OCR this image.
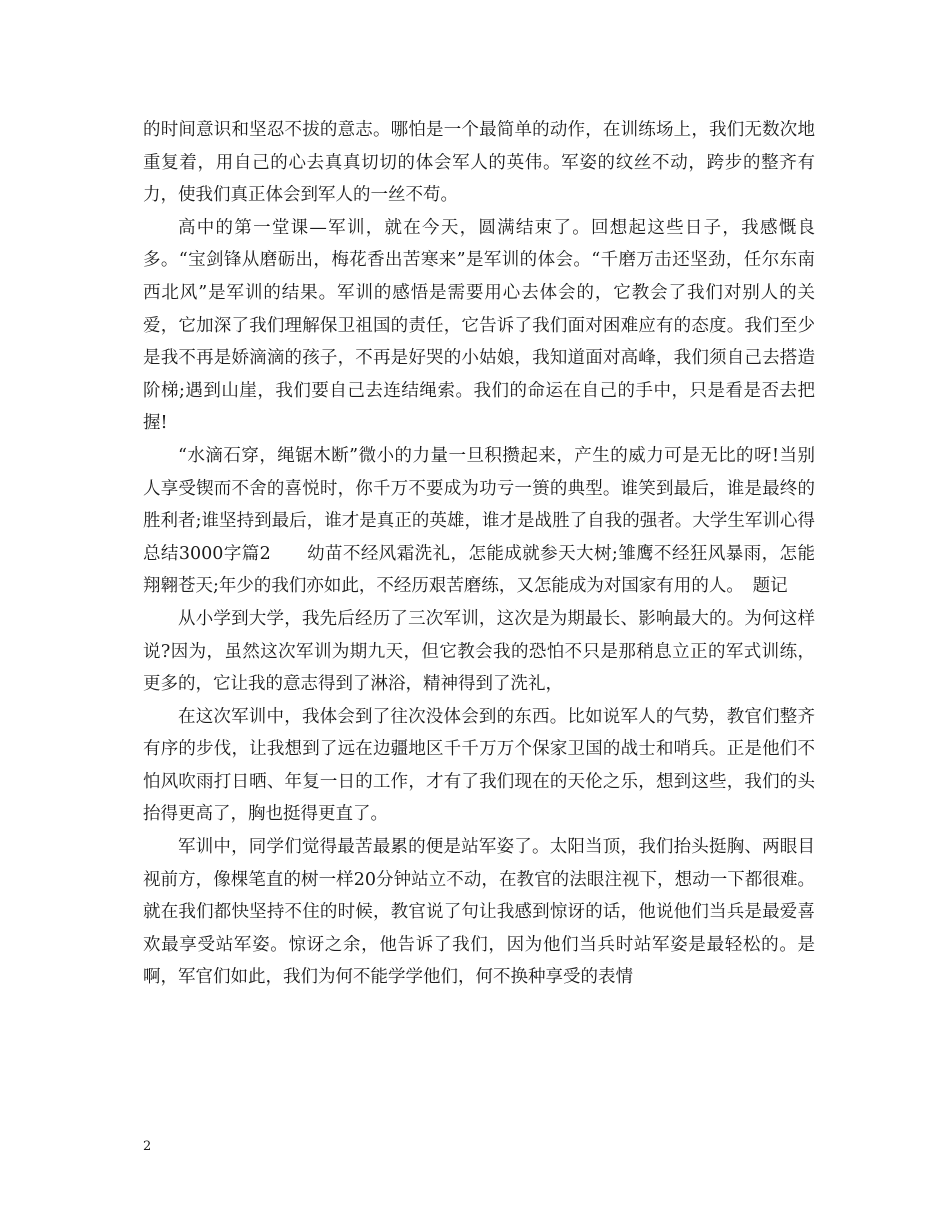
的时间意识和坚忍不拔的意志。哪怕是一个最简单的动作，在训练场上，我们无数次地重复着，用自己的心去真真切切的体会军人的英伟。军姿的纹丝不动，跨步的整齐有力，使我们真正体会到军人的一丝不苟。

高中的第一堂课—军训，就在今天，圆满结束了。回想起这些日子，我感慨良多。“宝剑锋从磨砺出，梅花香出苦寒来”是军训的体会。“千磨万击还坚劲，任尔东南西北风”是军训的结果。军训的感悟是需要用心去体会的，它教会了我们对别人的关爱，它加深了我们理解保卫祖国的责任，它告诉了我们面对困难应有的态度。我们至少是我不再是娇滴滴的孩子，不再是好哭的小姑娘，我知道面对高峰，我们须自己去搭造阶梯;遇到山崖，我们要自己去连结绳索。我们的命运在自己的手中，只是看是否去把握!

“水滴石穿，绳锯木断”微小的力量一旦积攒起来，产生的威力可是无比的呀!当别人享受锲而不舍的喜悦时，你千万不要成为功亏一篑的典型。谁笑到最后，谁是最终的胜利者;谁坚持到最后，谁才是真正的英雄，谁才是战胜了自我的强者。大学生军训心得总结3000字篇2　　幼苗不经风霜洗礼，怎能成就参天大树;雏鹰不经狂风暴雨，怎能翔翱苍天;年少的我们亦如此，不经历艰苦磨练，又怎能成为对国家有用的人。　题记

从小学到大学，我先后经历了三次军训，这次是为期最长、影响最大的。为何这样说?因为，虽然这次军训为期九天，但它教会我的恐怕不只是那稍息立正的军式训练，更多的，它让我的意志得到了淋浴，精神得到了洗礼，

在这次军训中，我体会到了往次没体会到的东西。比如说军人的气势，教官们整齐有序的步伐，让我想到了远在边疆地区千千万万个保家卫国的战士和哨兵。正是他们不怕风吹雨打日晒、年复一日的工作，才有了我们现在的天伦之乐，想到这些，我们的头抬得更高了，胸也挺得更直了。

军训中，同学们觉得最苦最累的便是站军姿了。太阳当顶，我们抬头挺胸、两眼目视前方，像棵笔直的树一样20分钟站立不动，在教官的法眼注视下，想动一下都很难。就在我们都快坚持不住的时候，教官说了句让我感到惊讶的话，他说他们当兵是最爱喜欢最享受站军姿。惊讶之余，他告诉了我们，因为他们当兵时站军姿是最轻松的。是啊，军官们如此，我们为何不能学学他们，何不换种享受的表情

2
